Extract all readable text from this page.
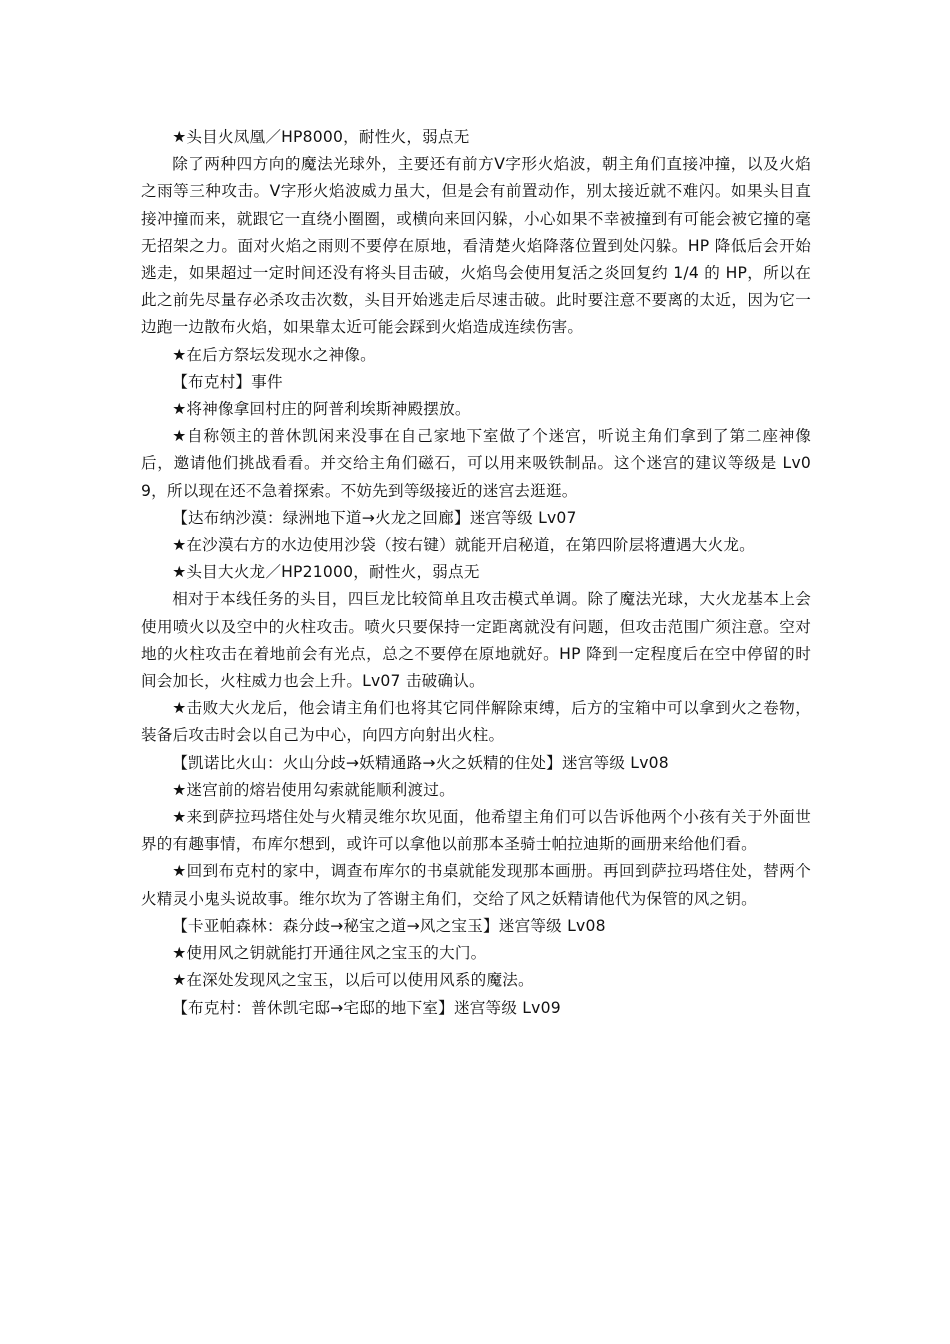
★头目火凤凰／HP8000，耐性火，弱点无

除了两种四方向的魔法光球外，主要还有前方Ⅴ字形火焰波，朝主角们直接冲撞，以及火焰之雨等三种攻击。Ⅴ字形火焰波威力虽大，但是会有前置动作，别太接近就不难闪。如果头目直接冲撞而来，就跟它一直绕小圈圈，或横向来回闪躲，小心如果不幸被撞到有可能会被它撞的毫无招架之力。面对火焰之雨则不要停在原地，看清楚火焰降落位置到处闪躲。HP 降低后会开始逃走，如果超过一定时间还没有将头目击破，火焰鸟会使用复活之炎回复约 1/4 的 HP，所以在此之前先尽量存必杀攻击次数，头目开始逃走后尽速击破。此时要注意不要离的太近，因为它一边跑一边散布火焰，如果靠太近可能会踩到火焰造成连续伤害。

★在后方祭坛发现水之神像。

【布克村】事件

★将神像拿回村庄的阿普利埃斯神殿摆放。

★自称领主的普休凯闲来没事在自己家地下室做了个迷宫，听说主角们拿到了第二座神像后，邀请他们挑战看看。并交给主角们磁石，可以用来吸铁制品。这个迷宫的建议等级是 Lv09，所以现在还不急着探索。不妨先到等级接近的迷宫去逛逛。

【达布纳沙漠：绿洲地下道→火龙之回廊】迷宫等级 Lv07

★在沙漠右方的水边使用沙袋（按右键）就能开启秘道，在第四阶层将遭遇大火龙。

★头目大火龙／HP21000，耐性火，弱点无

相对于本线任务的头目，四巨龙比较简单且攻击模式单调。除了魔法光球，大火龙基本上会使用喷火以及空中的火柱攻击。喷火只要保持一定距离就没有问题，但攻击范围广须注意。空对地的火柱攻击在着地前会有光点，总之不要停在原地就好。HP 降到一定程度后在空中停留的时间会加长，火柱威力也会上升。Lv07 击破确认。

★击败大火龙后，他会请主角们也将其它同伴解除束缚，后方的宝箱中可以拿到火之卷物，装备后攻击时会以自己为中心，向四方向射出火柱。

【凯诺比火山：火山分歧→妖精通路→火之妖精的住处】迷宫等级 Lv08

★迷宫前的熔岩使用勾索就能顺利渡过。

★来到萨拉玛塔住处与火精灵维尔坎见面，他希望主角们可以告诉他两个小孩有关于外面世界的有趣事情，布库尔想到，或许可以拿他以前那本圣骑士帕拉迪斯的画册来给他们看。

★回到布克村的家中，调查布库尔的书桌就能发现那本画册。再回到萨拉玛塔住处，替两个火精灵小鬼头说故事。维尔坎为了答谢主角们，交给了风之妖精请他代为保管的风之钥。

【卡亚帕森林：森分歧→秘宝之道→风之宝玉】迷宫等级 Lv08

★使用风之钥就能打开通往风之宝玉的大门。

★在深处发现风之宝玉，以后可以使用风系的魔法。

【布克村：普休凯宅邸→宅邸的地下室】迷宫等级 Lv09
